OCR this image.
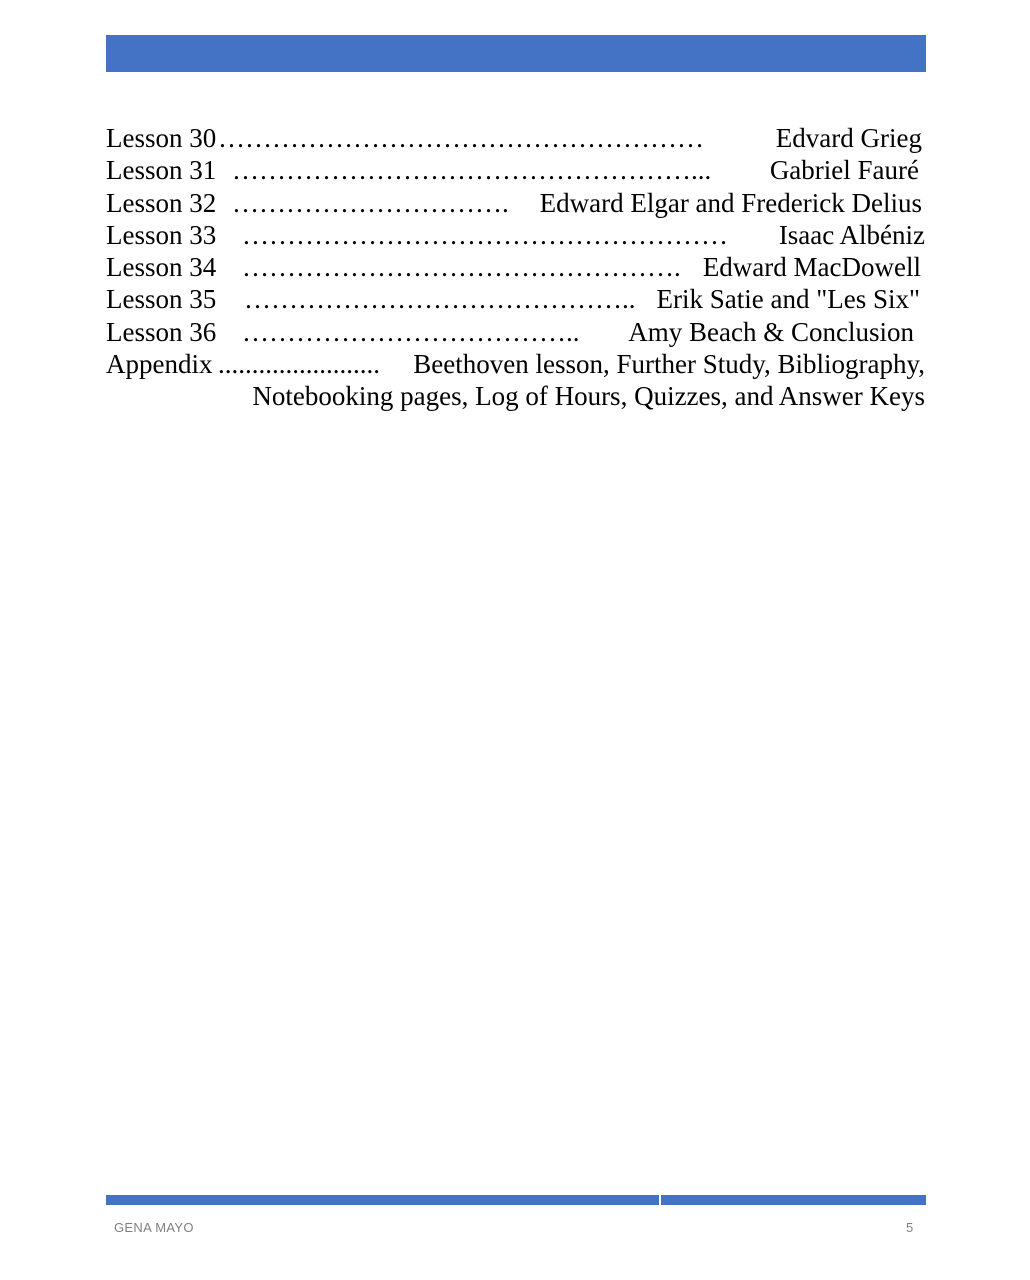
Lesson 30 ………………………………………………	Edvard Grieg
Lesson 31 ……………………………………………... Gabriel Fauré
Lesson 32 …………………………. Edward Elgar and Frederick Delius
Lesson 33 ……………………………………………… Isaac Albéniz
Lesson 34 …………………………………………. Edward MacDowell
Lesson 35 …………………………………….. Erik Satie and "Les Six"
Lesson 36 ……………………………….. Amy Beach & Conclusion
Appendix ........................ Beethoven lesson, Further Study, Bibliography,
Notebooking pages, Log of Hours, Quizzes, and Answer Keys
GENA MAYO	5
